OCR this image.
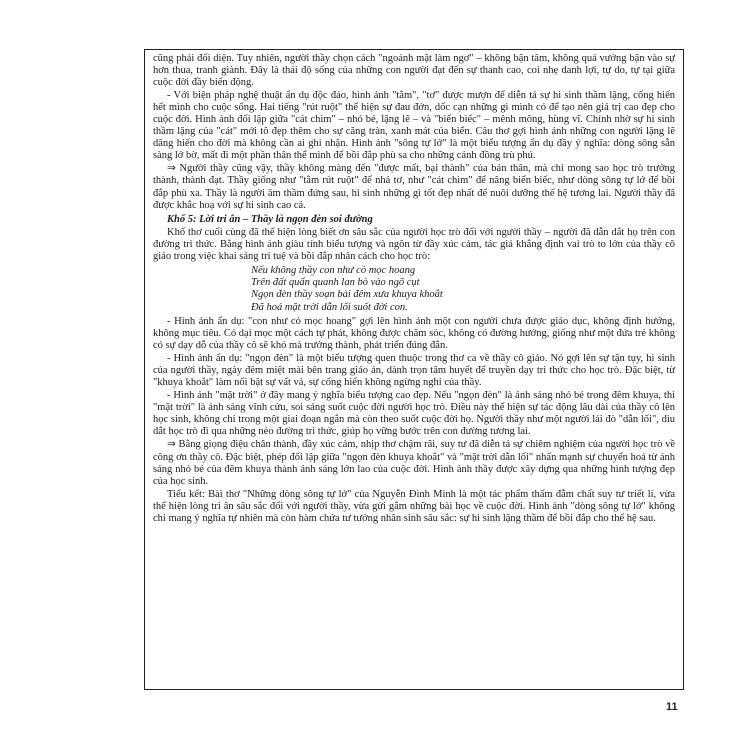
cũng phải đối diện. Tuy nhiên, người thầy chọn cách "ngoảnh mặt làm ngơ" – không bận tâm, không quá vướng bận vào sự hơn thua, tranh giành. Đây là thái độ sống của những con người đạt đến sự thanh cao, coi nhẹ danh lợi, tự do, tự tại giữa cuộc đời đầy biến động.

- Với biện pháp nghệ thuật ẩn dụ độc đáo, hình ảnh "tằm", "tơ" được mượn để diễn tả sự hi sinh thầm lặng, cống hiến hết mình cho cuộc sống. Hai tiếng "rút ruột" thể hiện sự đau đớn, dốc cạn những gì mình có để tạo nên giá trị cao đẹp cho cuộc đời. Hình ảnh đối lập giữa "cát chìm" – nhỏ bé, lặng lẽ – và "biển biếc" – mênh mông, hùng vĩ. Chính nhờ sự hi sinh thầm lặng của "cát" mới tô đẹp thêm cho sự căng tràn, xanh mát của biển. Câu thơ gợi hình ảnh những con người lặng lẽ dâng hiến cho đời mà không cần ai ghi nhận. Hình ảnh "sông tự lở" là một biểu tượng ẩn dụ đầy ý nghĩa: dòng sông sẵn sàng lở bờ, mất đi một phần thân thể mình để bồi đắp phù sa cho những cánh đồng trù phú.

⇒ Người thầy cũng vậy, thầy không màng đến "được mất, bại thành" của bản thân, mà chỉ mong sao học trò trưởng thành, thành đạt. Thầy giống như "tằm rút ruột" để nhả tơ, như "cát chìm" để nâng biển biếc, như dòng sông tự lở để bồi đắp phù xa. Thầy là người âm thầm đứng sau, hi sinh những gì tốt đẹp nhất để nuôi dưỡng thế hệ tương lai. Người thầy đã được khắc hoạ với sự hi sinh cao cả.

Khổ 5: Lời tri ân – Thầy là ngọn đèn soi đường

Khổ thơ cuối cùng đã thể hiện lòng biết ơn sâu sắc của người học trò đối với người thầy – người đã dẫn dắt họ trên con đường tri thức. Bằng hình ảnh giàu tính biểu tượng và ngôn từ đầy xúc cảm, tác giả khẳng định vai trò to lớn của thầy cô giáo trong việc khai sáng trí tuệ và bồi đắp nhân cách cho học trò:

Nếu không thầy con như cỏ mọc hoang
Trên đất quẩn quanh lan bò vào ngõ cụt
Ngọn đèn thầy soạn bài đêm xưa khuya khoắt
Đã hoá mặt trời dẫn lối suốt đời con.

- Hình ảnh ẩn dụ: "con như cỏ mọc hoang" gợi lên hình ảnh một con người chưa được giáo dục, không định hướng, không mục tiêu. Cỏ dại mọc một cách tự phát, không được chăm sóc, không có đường hướng, giống như một đứa trẻ không có sự dạy dỗ của thầy cô sẽ khó mà trưởng thành, phát triển đúng đắn.

- Hình ảnh ẩn dụ: "ngọn đèn" là một biểu tượng quen thuộc trong thơ ca về thầy cô giáo. Nó gợi lên sự tận tụy, hi sinh của người thầy, ngày đêm miệt mài bên trang giáo án, dành trọn tâm huyết để truyền dạy tri thức cho học trò. Đặc biệt, từ "khuya khoắt" làm nổi bật sự vất vả, sự cống hiến không ngừng nghỉ của thầy.

- Hình ảnh "mặt trời" ở đây mang ý nghĩa biểu tượng cao đẹp. Nếu "ngọn đèn" là ánh sáng nhỏ bé trong đêm khuya, thì "mặt trời" là ánh sáng vĩnh cửu, soi sáng suốt cuộc đời người học trò. Điều này thể hiện sự tác động lâu dài của thầy cô lên học sinh, không chỉ trong một giai đoạn ngắn mà còn theo suốt cuộc đời họ. Người thầy như một người lái đò "dẫn lối", dìu dắt học trò đi qua những nẻo đường tri thức, giúp họ vững bước trên con đường tương lai.

⇒ Bằng giọng điệu chân thành, đầy xúc cảm, nhịp thơ chậm rãi, suy tư đã diễn tả sự chiêm nghiệm của người học trò về công ơn thầy cô. Đặc biệt, phép đối lập giữa "ngọn đèn khuya khoắt" và "mặt trời dẫn lối" nhấn mạnh sự chuyển hoá từ ánh sáng nhỏ bé của đêm khuya thành ánh sáng lớn lao của cuộc đời. Hình ảnh thầy được xây dựng qua những hình tượng đẹp của học sinh.

Tiểu kết: Bài thơ "Những dòng sông tự lở" của Nguyễn Đình Minh là một tác phẩm thấm đẫm chất suy tư triết lí, vừa thể hiện lòng tri ân sâu sắc đối với người thầy, vừa gửi gắm những bài học về cuộc đời. Hình ảnh "dòng sông tự lở" không chỉ mang ý nghĩa tự nhiên mà còn hàm chứa tư tưởng nhân sinh sâu sắc: sự hi sinh lặng thầm để bồi đắp cho thế hệ sau.

11
